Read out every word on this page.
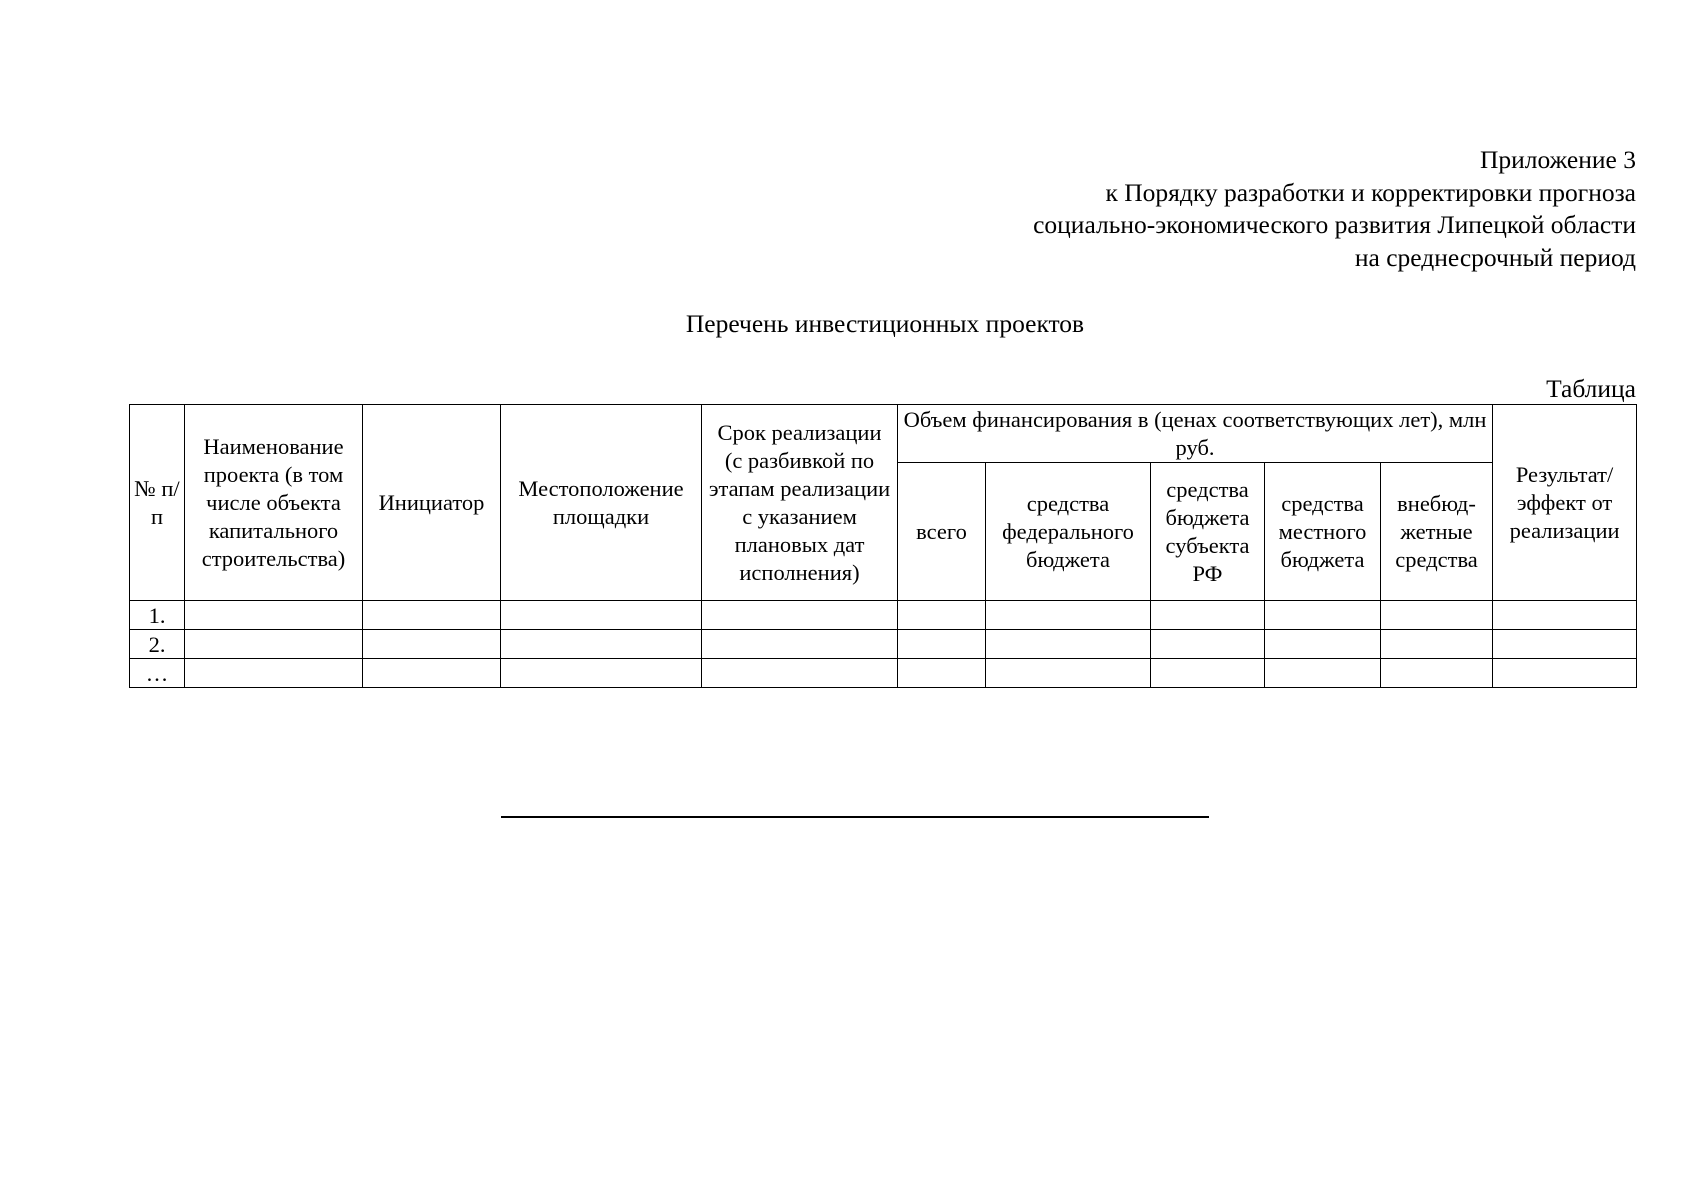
Приложение 3
к Порядку разработки и корректировки прогноза
социально-экономического развития Липецкой области
на среднесрочный период
Перечень инвестиционных проектов
Таблица
№ п/п	Наименование проекта (в том числе объекта капитального строительства)	Инициатор	Местоположение площадки	Срок реализации (с разбивкой по этапам реализации с указанием плановых дат исполнения)	Объем финансирования в (ценах соответствующих лет), млн руб.					Результат/ эффект от реализации
					всего	средства федерального бюджета	средства бюджета субъекта РФ	средства местного бюджета	внебюд-жетные средства	
1.										
2.										
…										
